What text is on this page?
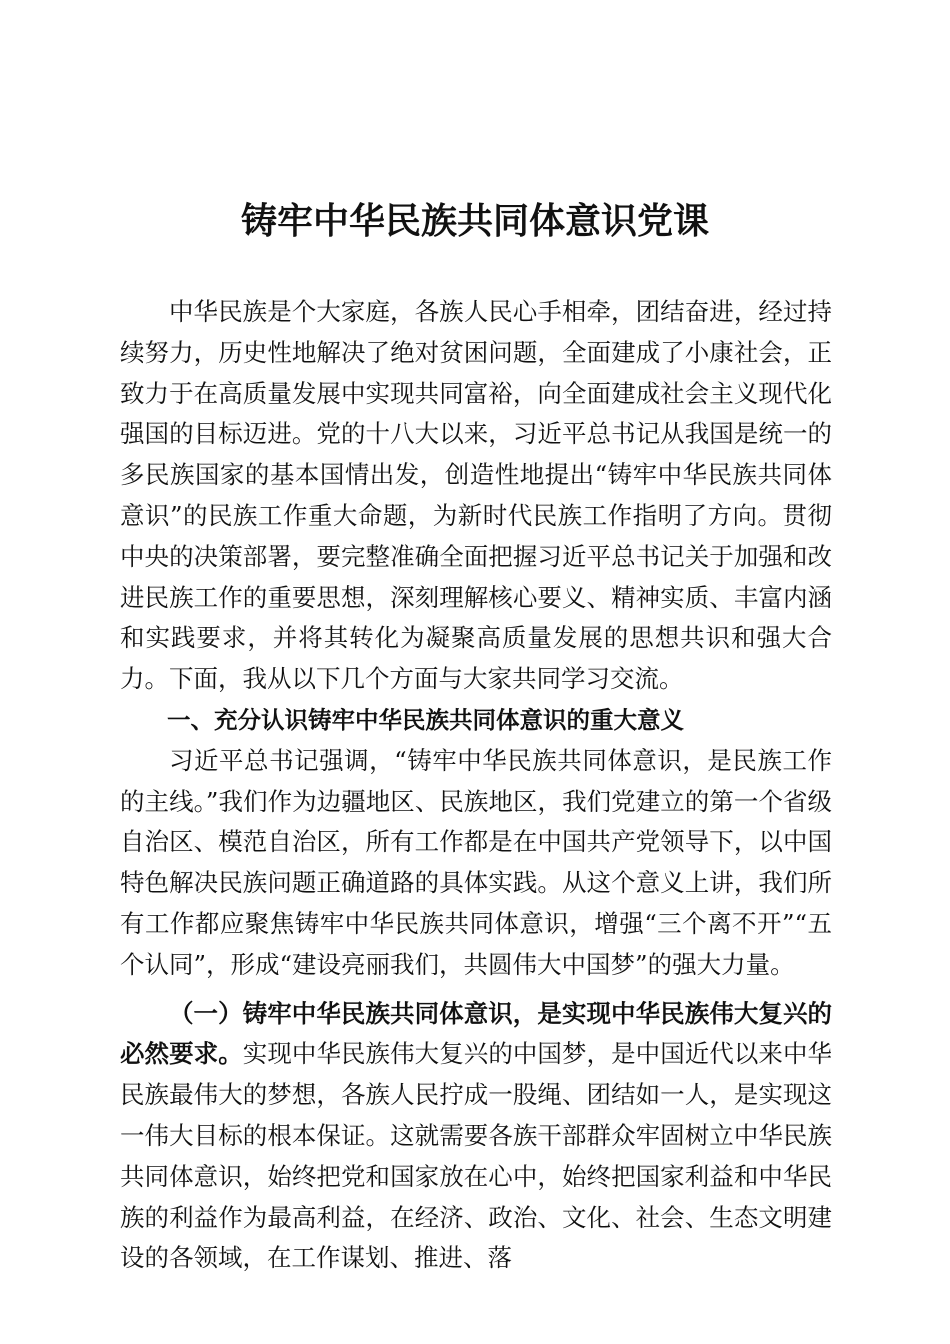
铸牢中华民族共同体意识党课

中华民族是个大家庭，各族人民心手相牵，团结奋进，经过持续努力，历史性地解决了绝对贫困问题，全面建成了小康社会，正致力于在高质量发展中实现共同富裕，向全面建成社会主义现代化强国的目标迈进。党的十八大以来，习近平总书记从我国是统一的多民族国家的基本国情出发，创造性地提出“铸牢中华民族共同体意识”的民族工作重大命题，为新时代民族工作指明了方向。贯彻中央的决策部署，要完整准确全面把握习近平总书记关于加强和改进民族工作的重要思想，深刻理解核心要义、精神实质、丰富内涵和实践要求，并将其转化为凝聚高质量发展的思想共识和强大合力。下面，我从以下几个方面与大家共同学习交流。

一、充分认识铸牢中华民族共同体意识的重大意义

习近平总书记强调，“铸牢中华民族共同体意识，是民族工作的主线。”我们作为边疆地区、民族地区，我们党建立的第一个省级自治区、模范自治区，所有工作都是在中国共产党领导下，以中国特色解决民族问题正确道路的具体实践。从这个意义上讲，我们所有工作都应聚焦铸牢中华民族共同体意识，增强“三个离不开”“五个认同”，形成“建设亮丽我们，共圆伟大中国梦”的强大力量。

（一）铸牢中华民族共同体意识，是实现中华民族伟大复兴的必然要求。实现中华民族伟大复兴的中国梦，是中国近代以来中华民族最伟大的梦想，各族人民拧成一股绳、团结如一人，是实现这一伟大目标的根本保证。这就需要各族干部群众牢固树立中华民族共同体意识，始终把党和国家放在心中，始终把国家利益和中华民族的利益作为最高利益，在经济、政治、文化、社会、生态文明建设的各领域，在工作谋划、推进、落
